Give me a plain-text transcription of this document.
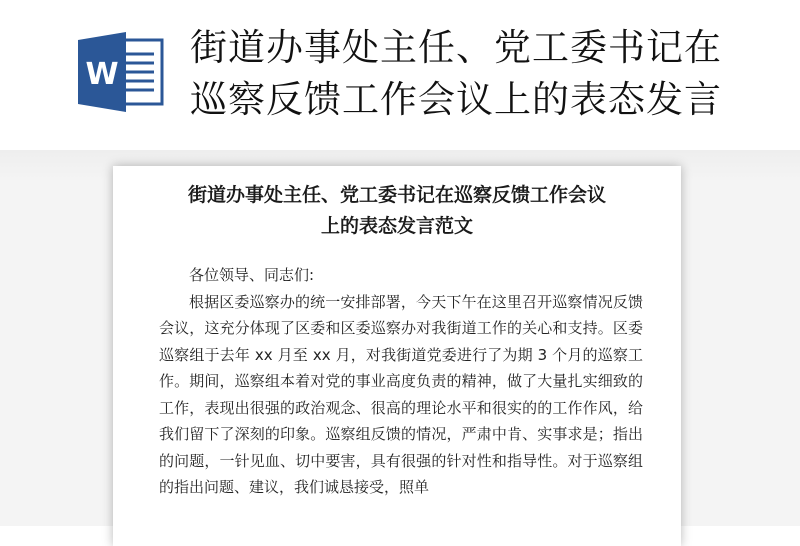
W
街道办事处主任、党工委书记在
巡察反馈工作会议上的表态发言
街道办事处主任、党工委书记在巡察反馈工作会议
上的表态发言范文

各位领导、同志们:

根据区委巡察办的统一安排部署，今天下午在这里召开巡察情况反馈会议，这充分体现了区委和区委巡察办对我街道工作的关心和支持。区委巡察组于去年 xx 月至 xx 月，对我街道党委进行了为期 3 个月的巡察工作。期间，巡察组本着对党的事业高度负责的精神，做了大量扎实细致的工作，表现出很强的政治观念、很高的理论水平和很实的的工作作风，给我们留下了深刻的印象。巡察组反馈的情况，严肃中肯、实事求是；指出的问题，一针见血、切中要害，具有很强的针对性和指导性。对于巡察组的指出问题、建议，我们诚恳接受，照单
